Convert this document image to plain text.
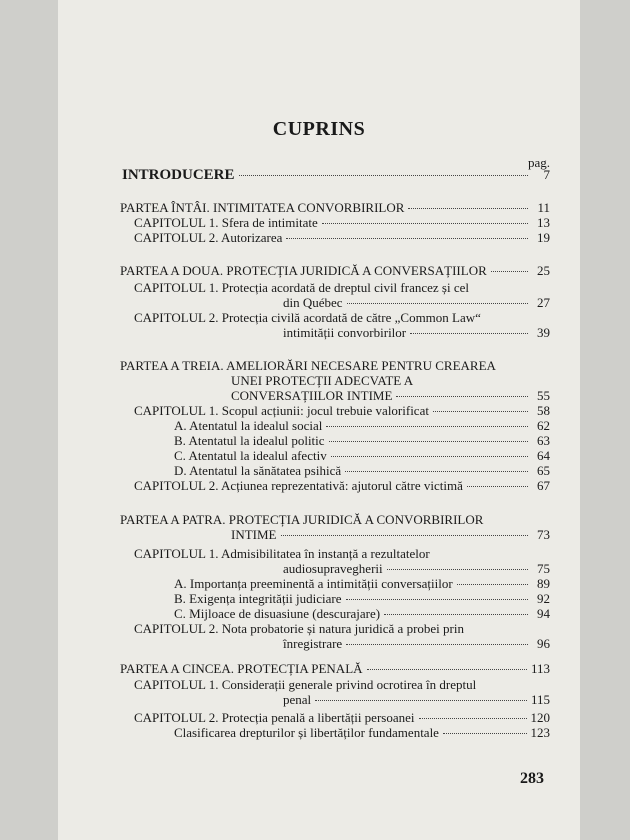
CUPRINS
pag.
INTRODUCERE	7
PARTEA ÎNTÂI. INTIMITATEA CONVORBIRILOR	11
CAPITOLUL 1. Sfera de intimitate	13
CAPITOLUL 2. Autorizarea	19
PARTEA A DOUA. PROTECȚIA JURIDICĂ A CONVERSAȚIILOR	25
CAPITOLUL 1. Protecția acordată de dreptul civil francez și cel
din Québec	27
CAPITOLUL 2. Protecția civilă acordată de către „Common Law“
intimității convorbirilor	39
PARTEA A TREIA. AMELIORĂRI NECESARE PENTRU CREAREA
UNEI PROTECȚII ADECVATE A
CONVERSAȚIILOR INTIME	55
CAPITOLUL 1. Scopul acțiunii: jocul trebuie valorificat	58
A. Atentatul la idealul social	62
B. Atentatul la idealul politic	63
C. Atentatul la idealul afectiv	64
D. Atentatul la sănătatea psihică	65
CAPITOLUL 2. Acțiunea reprezentativă: ajutorul către victimă	67
PARTEA A PATRA. PROTECȚIA JURIDICĂ A CONVORBIRILOR
INTIME	73
CAPITOLUL 1. Admisibilitatea în instanță a rezultatelor
audiosupravegherii	75
A. Importanța preeminentă a intimității conversațiilor	89
B. Exigența integrității judiciare	92
C. Mijloace de disuasiune (descurajare)	94
CAPITOLUL 2. Nota probatorie și natura juridică a probei prin
înregistrare	96
PARTEA A CINCEA. PROTECȚIA PENALĂ	113
CAPITOLUL 1. Considerații generale privind ocrotirea în dreptul
penal	115
CAPITOLUL 2. Protecția penală a libertății persoanei	120
Clasificarea drepturilor și libertăților fundamentale	123
283
